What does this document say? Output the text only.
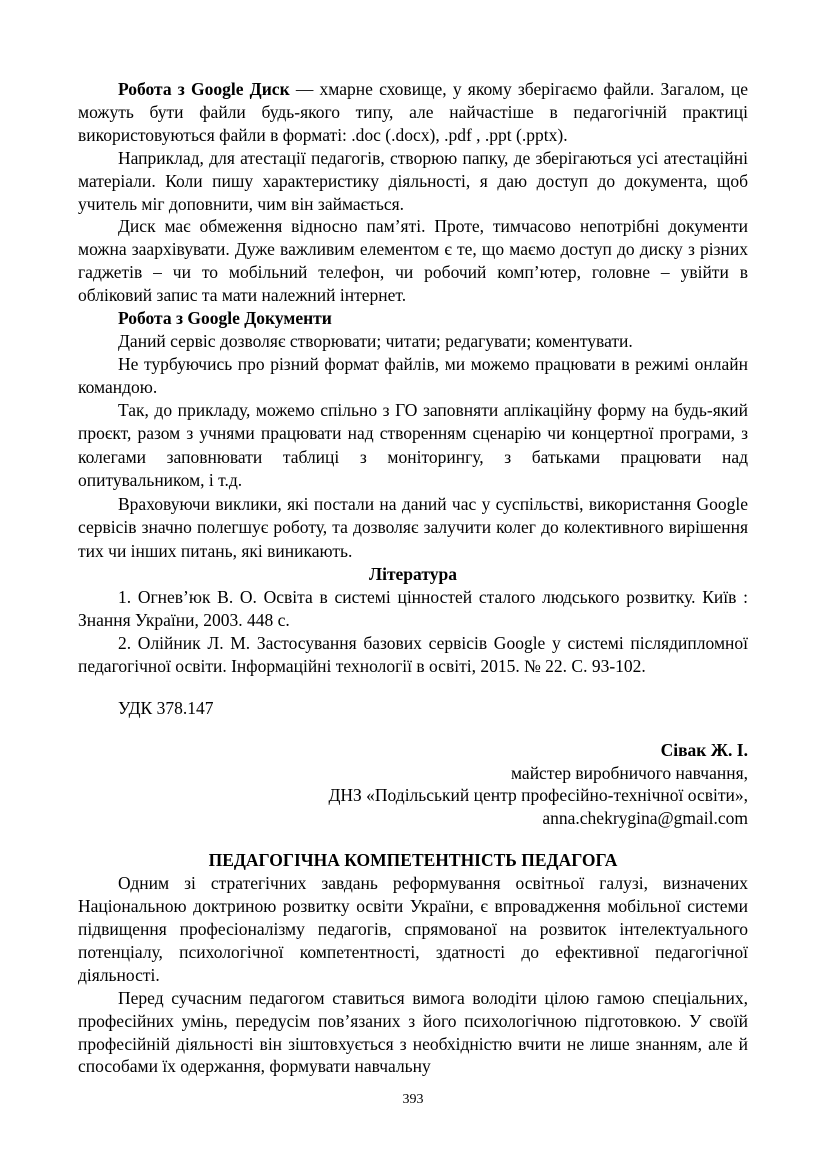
Робота з Google Диск — хмарне сховище, у якому зберігаємо файли. Загалом, це можуть бути файли будь-якого типу, але найчастіше в педагогічній практиці використовуються файли в форматі: .doc (.docx), .pdf , .ppt (.pptx).

Наприклад, для атестації педагогів, створюю папку, де зберігаються усі атестаційні матеріали. Коли пишу характеристику діяльності, я даю доступ до документа, щоб учитель міг доповнити, чим він займається.

Диск має обмеження відносно пам’яті. Проте, тимчасово непотрібні документи можна заархівувати. Дуже важливим елементом є те, що маємо доступ до диску з різних гаджетів – чи то мобільний телефон, чи робочий комп’ютер, головне – увійти в обліковий запис та мати належний інтернет.

Робота з Google Документи

Даний сервіс дозволяє створювати; читати; редагувати; коментувати.

Не турбуючись про різний формат файлів, ми можемо працювати в режимі онлайн командою.

Так, до прикладу, можемо спільно з ГО заповняти аплікаційну форму на будь-який проєкт, разом з учнями працювати над створенням сценарію чи концертної програми, з колегами заповнювати таблиці з моніторингу, з батьками працювати над опитувальником, і т.д.

Враховуючи виклики, які постали на даний час у суспільстві, використання Google сервісів значно полегшує роботу, та дозволяє залучити колег до колективного вирішення тих чи інших питань, які виникають.

Література

1. Огнев’юк В. О. Освіта в системі цінностей сталого людського розвитку. Київ : Знання України, 2003. 448 с.

2. Олійник Л. М. Застосування базових сервісів Google у системі післядипломної педагогічної освіти. Інформаційні технології в освіті, 2015. № 22. С. 93-102.

УДК 378.147

Сівак Ж. І.

майстер виробничого навчання,

ДНЗ «Подільський центр професійно-технічної освіти»,

anna.chekrygina@gmail.com

ПЕДАГОГІЧНА КОМПЕТЕНТНІСТЬ ПЕДАГОГА

Одним зі стратегічних завдань реформування освітньої галузі, визначених Національною доктриною розвитку освіти України, є впровадження мобільної системи підвищення професіоналізму педагогів, спрямованої на розвиток інтелектуального потенціалу, психологічної компетентності, здатності до ефективної педагогічної діяльності.

Перед сучасним педагогом ставиться вимога володіти цілою гамою спеціальних, професійних умінь, передусім пов’язаних з його психологічною підготовкою. У своїй професійній діяльності він зіштовхується з необхідністю вчити не лише знанням, але й способами їх одержання, формувати навчальну

393
